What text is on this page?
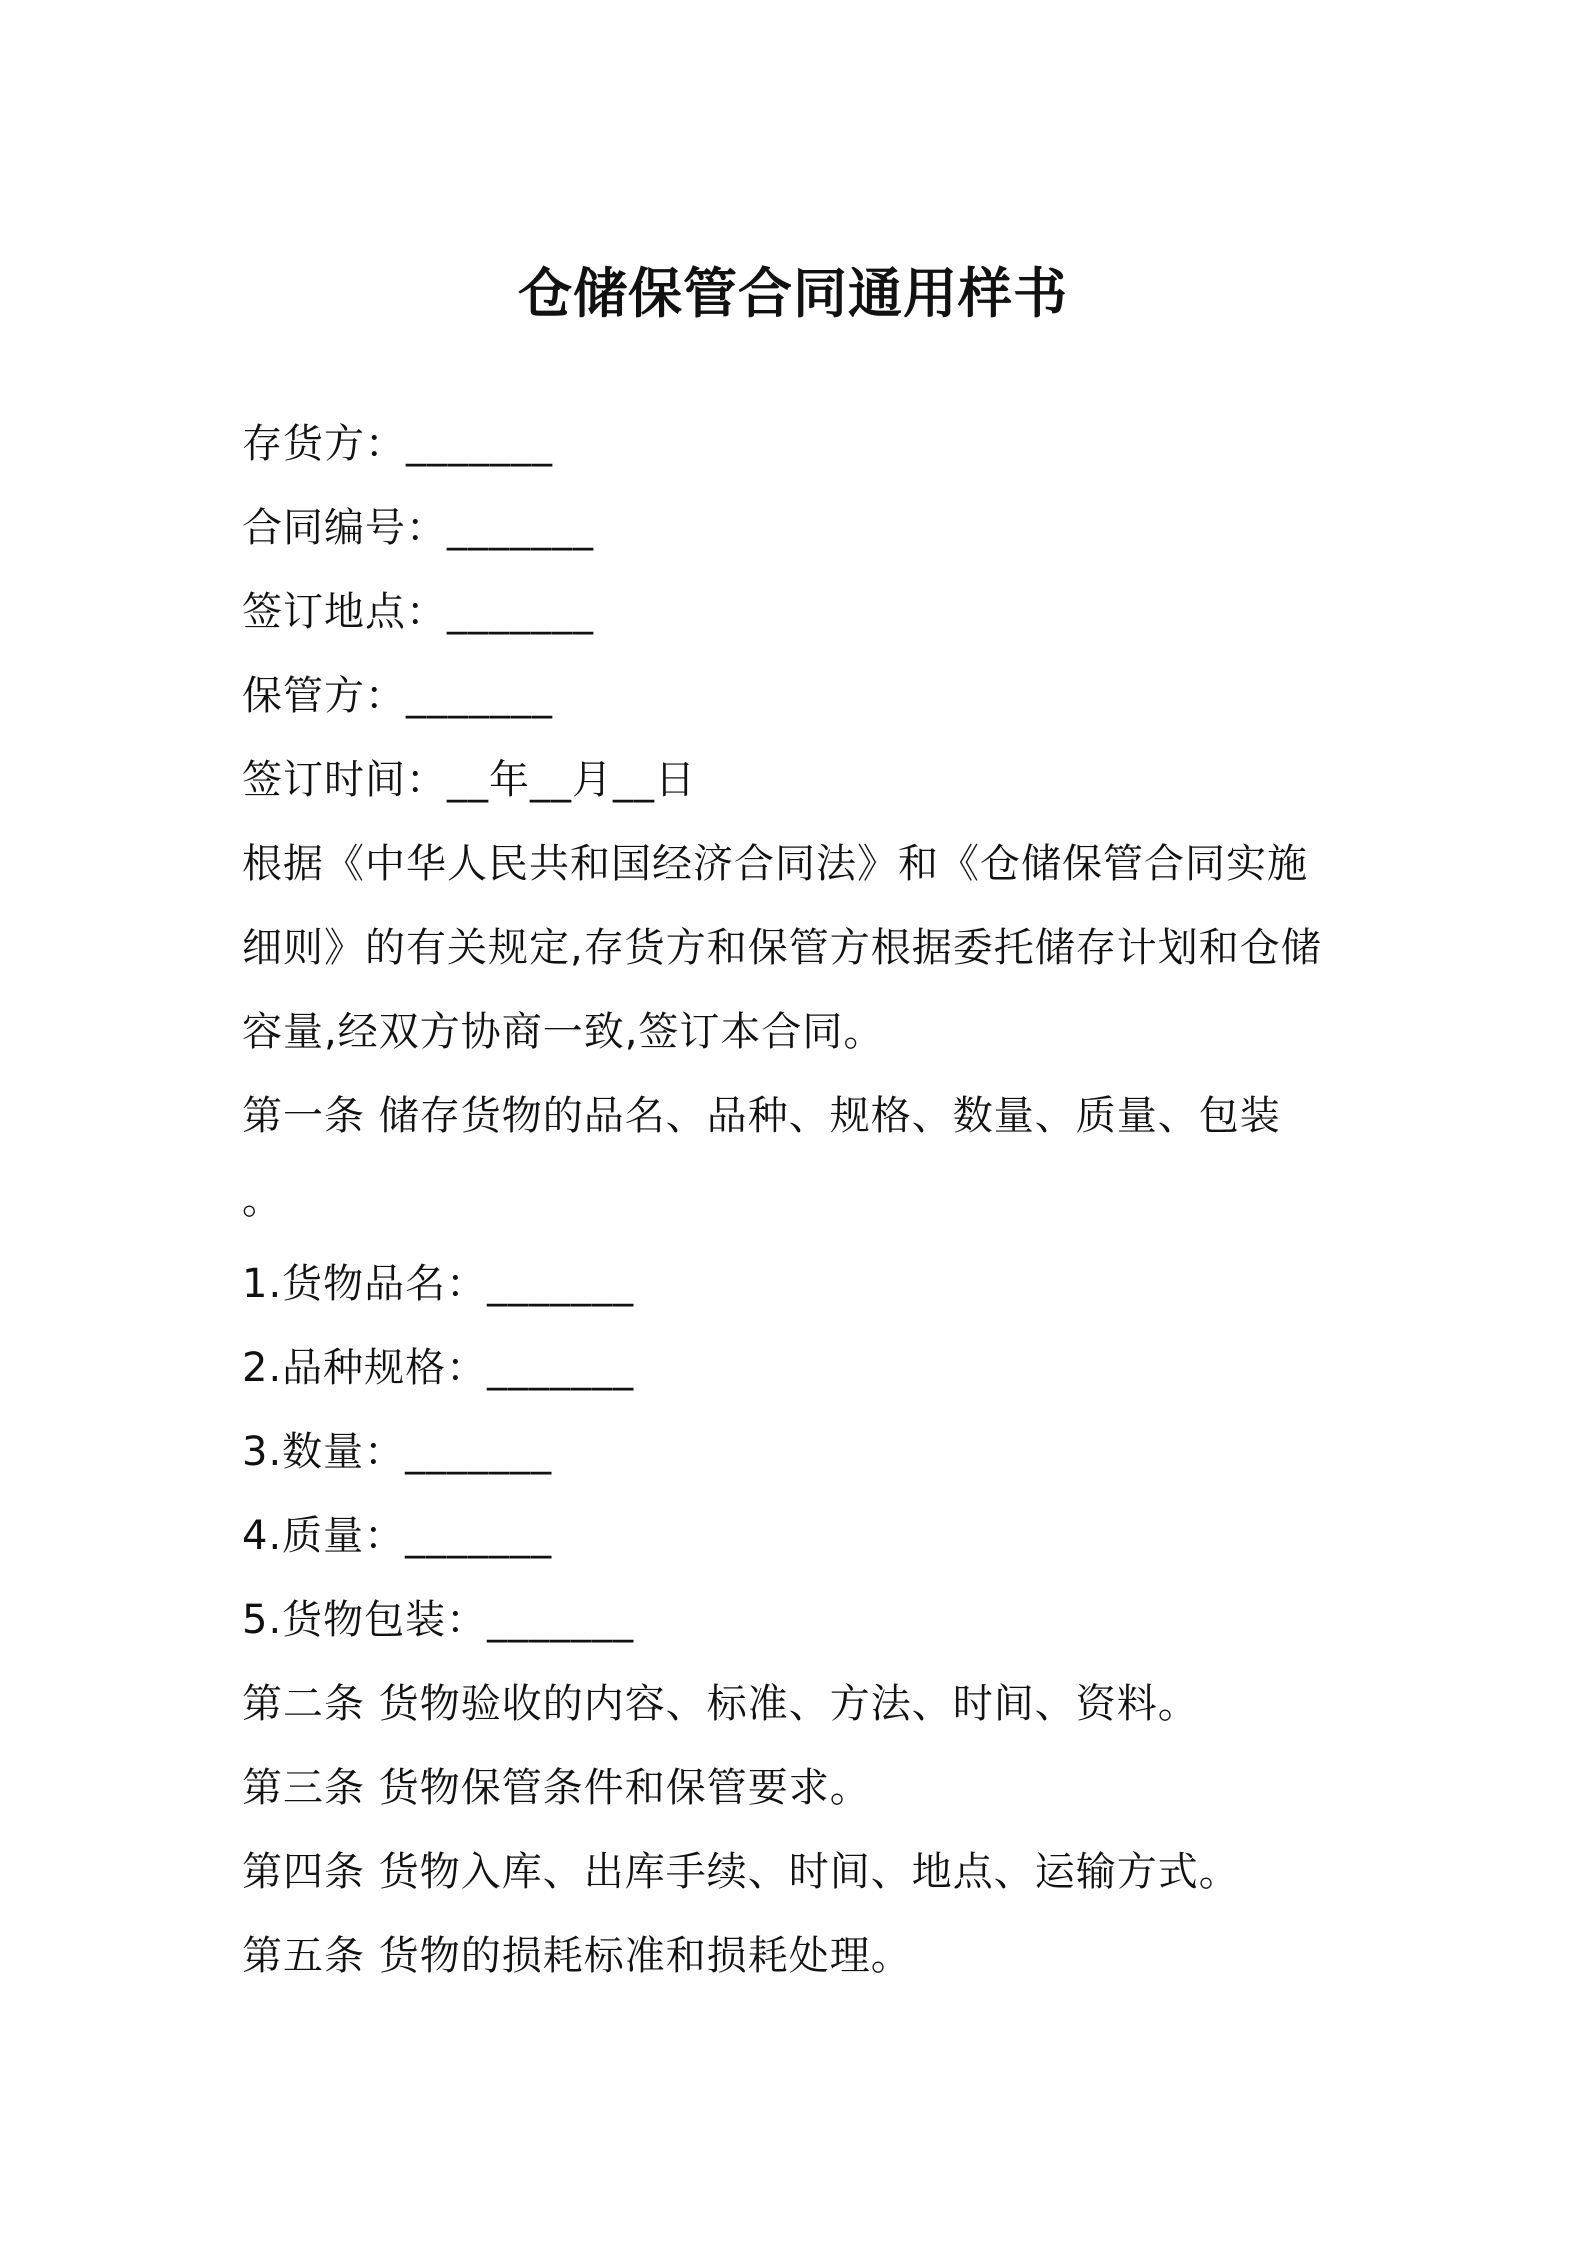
仓储保管合同通用样书
存货方：_______
合同编号：_______
签订地点：_______
保管方：_______
签订时间：__年__月__日
根据《中华人民共和国经济合同法》和《仓储保管合同实施
细则》的有关规定,存货方和保管方根据委托储存计划和仓储
容量,经双方协商一致,签订本合同。
第一条 储存货物的品名、品种、规格、数量、质量、包装
。
1.货物品名：_______
2.品种规格：_______
3.数量：_______
4.质量：_______
5.货物包装：_______
第二条 货物验收的内容、标准、方法、时间、资料。
第三条 货物保管条件和保管要求。
第四条 货物入库、出库手续、时间、地点、运输方式。
第五条 货物的损耗标准和损耗处理。
